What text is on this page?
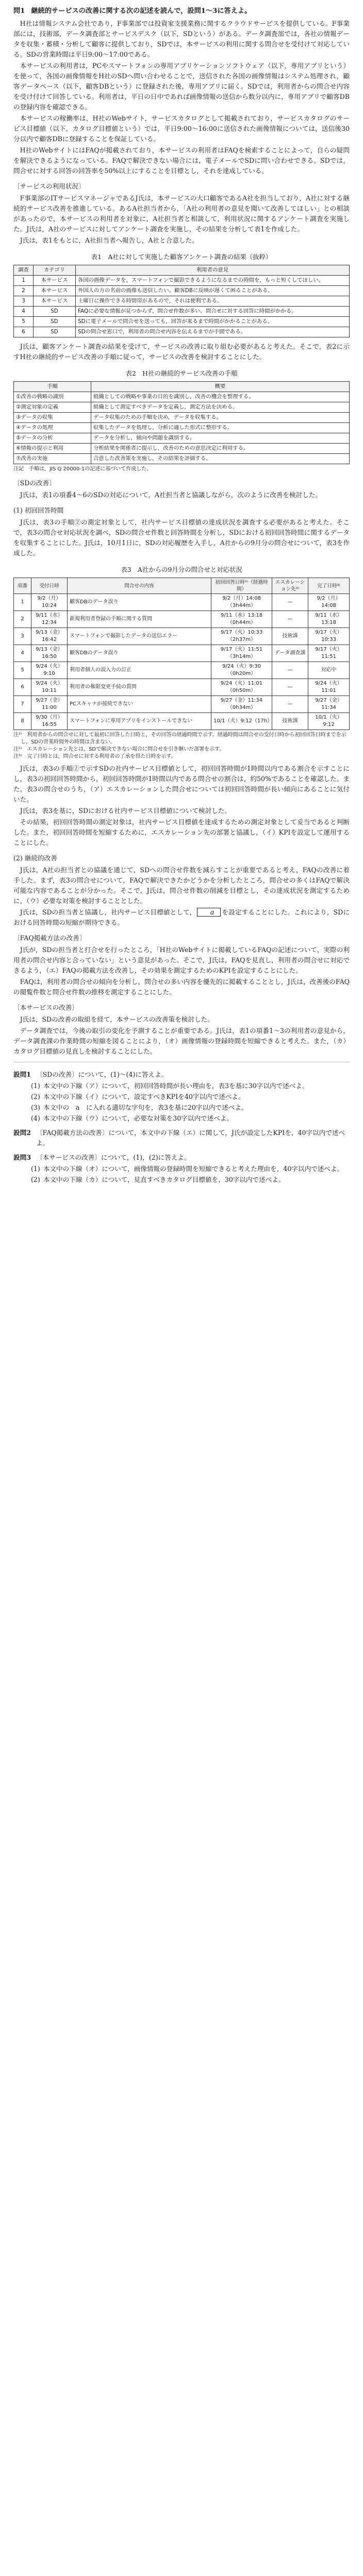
問1 継続的サービスの改善に関する次の記述を読んで，設問1〜3に答えよ。

H社は情報システム会社であり，F事業部では投資家支援業務に関するクラウドサービスを提供している。F事業部には，技術部，データ調査部とサービスデスク（以下，SDという）がある。データ調査部では，各社の情報データを収集・蓄積・分析して顧客に提供しており，SDでは，本サービスの利用に関する問合せを受付けて対応している。SDの営業時間は平日9:00〜17:00である。

本サービスの利用者は，PCやスマートフォンの専用アプリケーションソフトウェア（以下，専用アプリという）を使って，各国の画像情報をH社のSDへ問い合わせることで，送信された各国の画像情報はシステム処理され，顧客データベース（以下，顧客DBという）に登録された後，専用アプリに届く。SDでは，利用者からの問合せ内容を受け付けて回答している。利用者は，平日の日中であれば画像情報の送信から数分以内に，専用アプリで顧客DBの登録内容を確認できる。

本サービスの稼働率は，H社のWebサイト，サービスカタログとして掲載されており，サービスカタログのサービス目標値（以下，カタログ目標値という）では，平日9:00〜16:00に送信された画像情報については，送信後30分以内で顧客DBに登録することを保証している。

H社のWebサイトにはFAQが掲載されており，本サービスの利用者はFAQを検索することによって，自らの疑問を解決できるようになっている。FAQで解決できない場合には，電子メールでSDに問い合わせできる。SDでは，問合せに対する回答の回答率を50%以上にすることを目標とし，それを達成している。

〔サービスの利用状況〕

F事業部のITサービスマネージャであるJ氏は，本サービスの大口顧客であるA社を担当しており，A社に対する継続的サービス改善を推進している。あるA社担当者から，「A社の利用者の意見を聞いて改善してほしい」との相談があったので，本サービスの利用者を対象に，A社担当者と相談して，利用状況に関するアンケート調査を実施した。J氏は，A社のサービスに対してアンケート調査を実施し，その結果を分析して表1を作成した。

J氏は，表1をもとに，A社担当者へ報告し，A社と合意した。

表1　A社に対して実施した顧客アンケート調査の結果（抜粋）
調査	カテゴリ	利用者の意見
1	本サービス	各国の画像データを，スマートフォンで撮影できるようになるまでの時間を，もっと短くしてほしい。
2	本サービス	外国人の方の名前の画像も送信したい。顧客DBに反映が遅くて困ることがある。
3	本サービス	土曜日に操作できる時間帯があるので，それは便利である。
4	SD	FAQに必要な情報が見つからず，問合せ件数が多い。問合せに対する回答に時間がかかる。
5	SD	SDに電子メールで問合せを送っても，回答が来るまで時間がかかることがある。
6	SD	SDの問合せ窓口で，利用者の問合せ内容を伝えるまでが手間である。

J氏は，顧客アンケート調査の結果を受けて，サービスの改善に取り組む必要があると考えた。そこで，表2に示すH社の継続的サービス改善の手順に従って，サービスの改善を検討することにした。

表2　H社の継続的サービス改善の手順
手順	概要
①改善の戦略の識別	組織としての戦略や事業の目的を識別し，改善の機会を整理する。
②測定対象の定義	組織として測定すべきデータを定義し，測定方法を決める。
③データの収集	データ収集のための手順を決め，データを収集する。
④データの処理	収集したデータを処理し，分析に適した形式に整形する。
⑤データの分析	データを分析し，傾向や問題を識別する。
⑥情報の提示と利用	分析結果を関係者に提示し，改善のための意思決定に利用する。
⑦改善の実施	合意した改善策を実施し，その結果を評価する。
注記　手順は，JIS Q 20000-1の記述に基づいて作成した。
〔SDの改善〕

J氏は，表1の項番4〜6のSDの対応について，A社担当者と協議しながら，次のように改善を検討した。

(1) 初回回答時間

J氏は，表3の手順②の測定対象として，社内サービス目標値の達成状況を調査する必要があると考えた。そこで，表3の問合せ対応状況を調べ，SDの問合せ件数と回答時間を分析し，SDにおける初回回答時間に関するデータを収集することにした。J氏は，10月1日に，SDの対応履歴を入手し，A社からの9月分の問合せについて，表3を作成した。

表3　A社からの9月分の問合せと対応状況
項番	受付日時	問合せの内容	初回回答日時¹⁾（経過時間）	エスカレーション先²⁾	完了日時³⁾
1	9/2（月）10:24	顧客DBのデータ誤り	9/2（月）14:08（3h44m）	—	9/2（月）14:08
2	9/11（水）12:34	新規利用者登録の手順に関する質問	9/11（水）13:18（0h44m）	—	9/11（水）13:18
3	9/13（金）16:42	スマートフォンで撮影したデータの送信エラー	9/17（火）10:33（2h37m）	技術課	9/17（火）10:33
4	9/13（金）16:50	顧客DBのデータ誤り	9/17（火）11:51（3h14m）	データ調査課	9/17（火）11:51
5	9/24（火）9:10	利用者個人の誤入力の訂正	9/24（火）9:30（0h20m）	—	対応中
6	9/24（火）10:11	利用者の権限変更手続の質問	9/24（火）11:01（0h50m）	—	9/24（火）11:01
7	9/27（金）11:00	PCスキャナが接続できない	9/27（金）11:34（0h34m）	—	9/27（金）11:34
8	9/30（月）16:55	スマートフォンに専用アプリをインストールできない	10/1（火）9:12（17h）	技術課	10/1（火）9:12

注¹⁾　利用者からの問合せに対して最初に回答した日時と，その回答の経過時間で示す。経過時間は問合せの受付日時から初回回答日時までを示し，SDの営業時間外の時間は含まない。

注²⁾　エスカレーション先とは，SDで解決できない場合に問合せを引き継いだ部署を示す。

注³⁾　完了日時とは，問合せに対する利用者の了承を得た日時を示す。

J氏は，表3の手順②で示すSDの社内サービス目標値として，初回回答時間が1時間以内である割合を示すことにし，表3の初回回答時間から，初回回答時間が1時間以内である問合せの割合は，約50%であることを確認した。また，表3の問合せのうち，（ア）エスカレーションした問合せについては初回回答時間が長い傾向にあることに気付いた。

J氏は，表3を基に，SDにおける社内サービス目標値について検討した。

その結果，初回回答時間の測定対象は，社内サービス目標値を達成するための測定対象として妥当であると判断した。また，初回回答時間を短縮するために，エスカレーション先の部署と協議し，（イ）KPIを設定して運用することにした。

(2) 継続的改善

J氏は，A社の担当者との協議を通じて，SDへの問合せ件数を減らすことが重要であると考え，FAQの改善に着手した。まず，表3の問合せについて，FAQで解決できたかどうかを分析したところ，問合せの多くはFAQで解決可能な内容であることが分かった。そこで，J氏は，問合せ件数の削減を目標とし，その達成状況を測定するために，（ウ）必要な対策を検討することとした。

J氏は，SDの担当者と協議し，社内サービス目標値として， a を設定することにした。これにより，SDにおける回答時間の短縮が期待できる。

〔FAQ掲載方法の改善〕

J氏が，SDの担当者と打合せを行ったところ，「H社のWebサイトに掲載しているFAQの記述について，実際の利用者の問合せ内容と合っていない」という意見があった。そこで，J氏は，FAQを見直し，利用者の問合せに対応できるよう，（エ）FAQの掲載方法を改善し，その効果を測定するためのKPIを設定することにした。

FAQは，利用者の問合せの傾向を分析し，問合せの多い内容を優先的に掲載することとし，J氏は，改善後のFAQの閲覧件数と問合せ件数の推移を測定することにした。

〔本サービスの改善〕

J氏は，SDの改善の取組を経て，本サービスの改善策を検討した。

データ調査では，今後の取引の変化を予測することが重要である。J氏は，表1の項番1〜3の利用者の意見から，データ調査課の作業時間の短縮を図ることにより，（オ）画像情報の登録時間を短縮できると考えた。また，（カ）カタログ目標値の見直しを検討することにした。

設問1 〔SDの改善〕について，(1)〜(4)に答えよ。
(1) 本文中の下線（ア）について，初回回答時間が長い理由を，表3を基に30字以内で述べよ。
(2) 本文中の下線（イ）について，設定すべきKPIを40字以内で述べよ。
(3) 本文中の　a　に入れる適切な字句を，表3を基に20字以内で述べよ。
(4) 本文中の下線（ウ）について，必要な対策を30字以内で述べよ。
設問2 〔FAQ掲載方法の改善〕について，本文中の下線（エ）に関して，J氏が設定したKPIを，40字以内で述べよ。
設問3 〔本サービスの改善〕について，(1)，(2)に答えよ。
(1) 本文中の下線（オ）について，画像情報の登録時間を短縮できると考えた理由を，40字以内で述べよ。
(2) 本文中の下線（カ）について，見直すべきカタログ目標値を，30字以内で述べよ。
